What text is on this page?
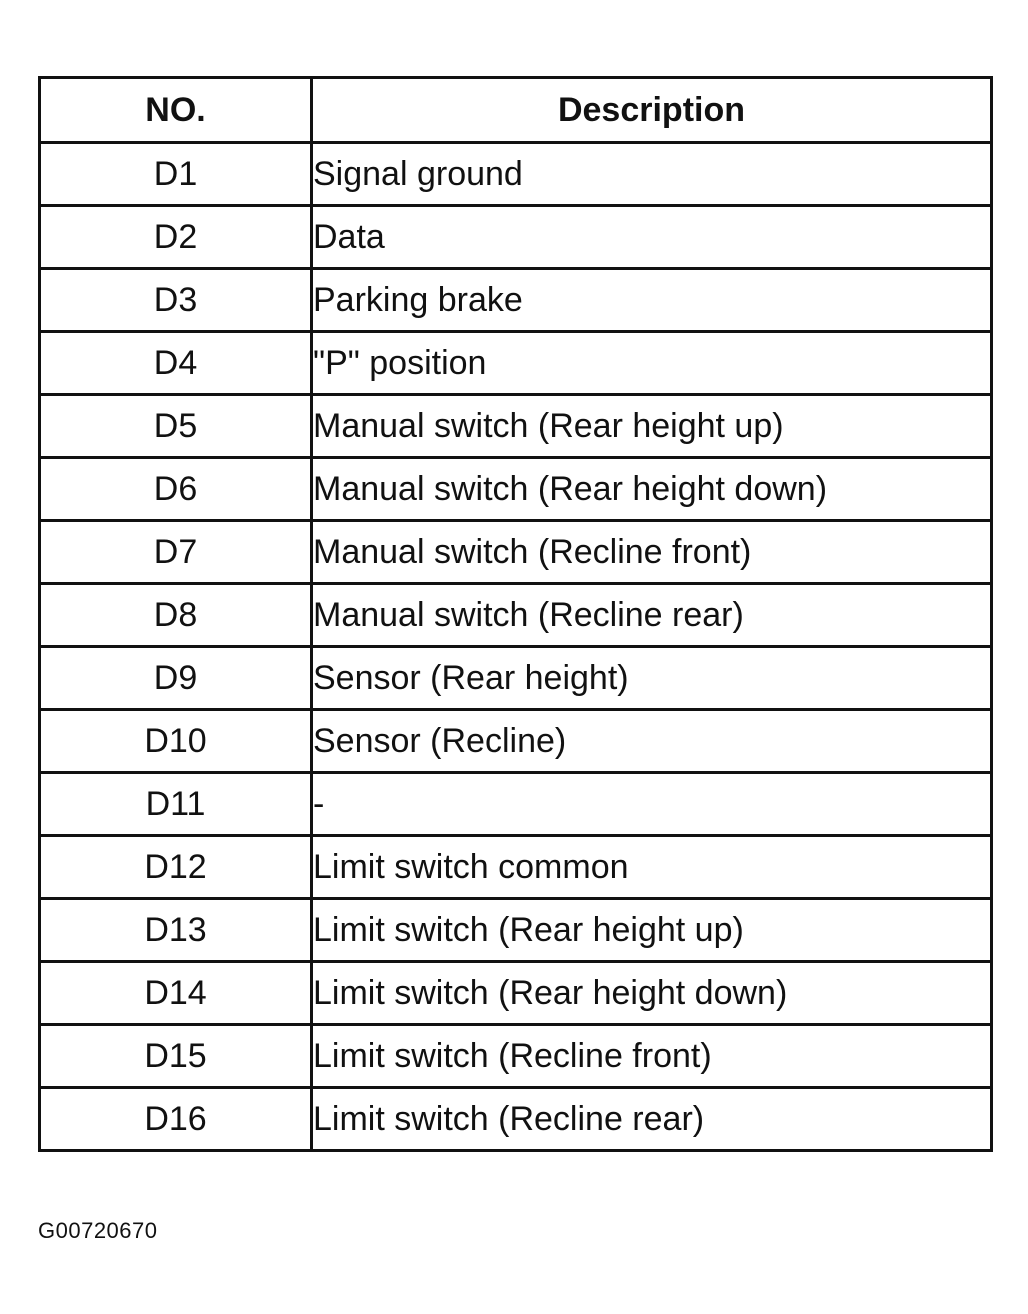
NO.	Description
D1	Signal ground
D2	Data
D3	Parking brake
D4	"P" position
D5	Manual switch (Rear height up)
D6	Manual switch (Rear height down)
D7	Manual switch (Recline front)
D8	Manual switch (Recline rear)
D9	Sensor (Rear height)
D10	Sensor (Recline)
D11	-
D12	Limit switch common
D13	Limit switch (Rear height up)
D14	Limit switch (Rear height down)
D15	Limit switch (Recline front)
D16	Limit switch (Recline rear)
G00720670
